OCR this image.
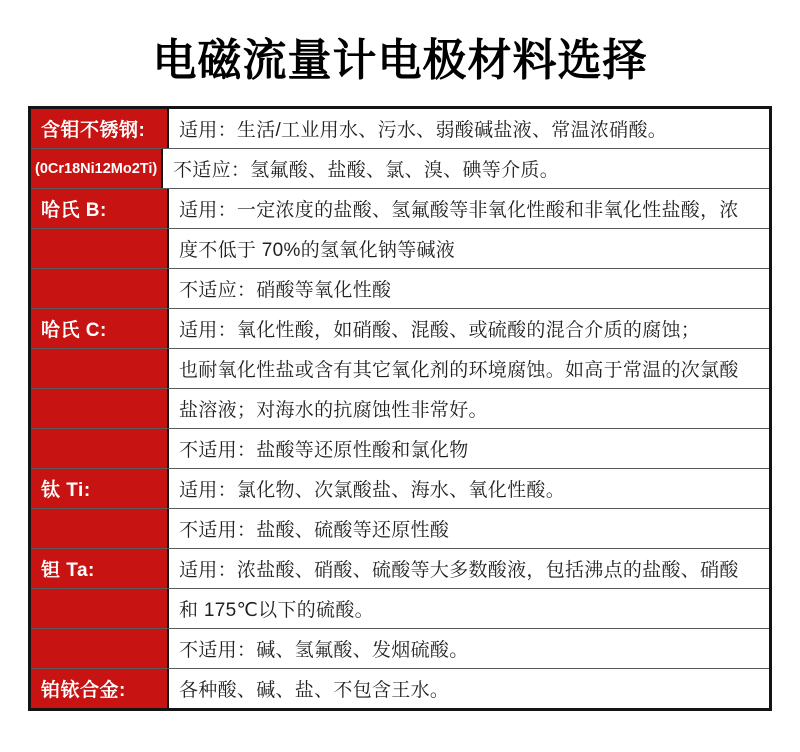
电磁流量计电极材料选择
含钼不锈钢: 适用：生活/工业用水、污水、弱酸碱盐液、常温浓硝酸。
(0Cr18Ni12Mo2Ti) 不适应：氢氟酸、盐酸、氯、溴、碘等介质。
哈氏 B:	适用：一定浓度的盐酸、氢氟酸等非氧化性酸和非氧化性盐酸，浓
度不低于 70%的氢氧化钠等碱液
不适应：硝酸等氧化性酸
哈氏 C:	适用：氧化性酸，如硝酸、混酸、或硫酸的混合介质的腐蚀；
也耐氧化性盐或含有其它氧化剂的环境腐蚀。如高于常温的次氯酸
盐溶液；对海水的抗腐蚀性非常好。
不适用：盐酸等还原性酸和氯化物
钛 Ti:	适用：氯化物、次氯酸盐、海水、氧化性酸。
不适用：盐酸、硫酸等还原性酸
钽 Ta:	适用：浓盐酸、硝酸、硫酸等大多数酸液，包括沸点的盐酸、硝酸
和 175℃以下的硫酸。
不适用：碱、氢氟酸、发烟硫酸。
铂铱合金:	各种酸、碱、盐、不包含王水。
